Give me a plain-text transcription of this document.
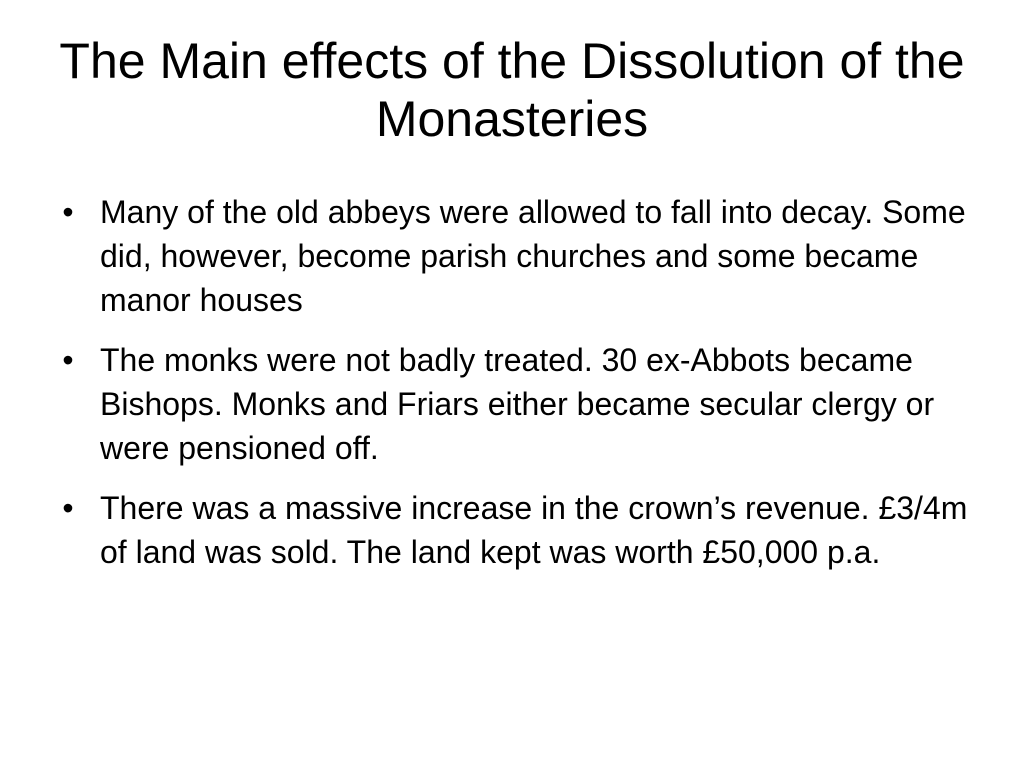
The Main effects of the Dissolution of the Monasteries
• Many of the old abbeys were allowed to fall into decay. Some did, however, become parish churches and some became manor houses
• The monks were not badly treated. 30 ex-Abbots became Bishops. Monks and Friars either became secular clergy or were pensioned off.
• There was a massive increase in the crown’s revenue. £3/4m of land was sold. The land kept was worth £50,000 p.a.
